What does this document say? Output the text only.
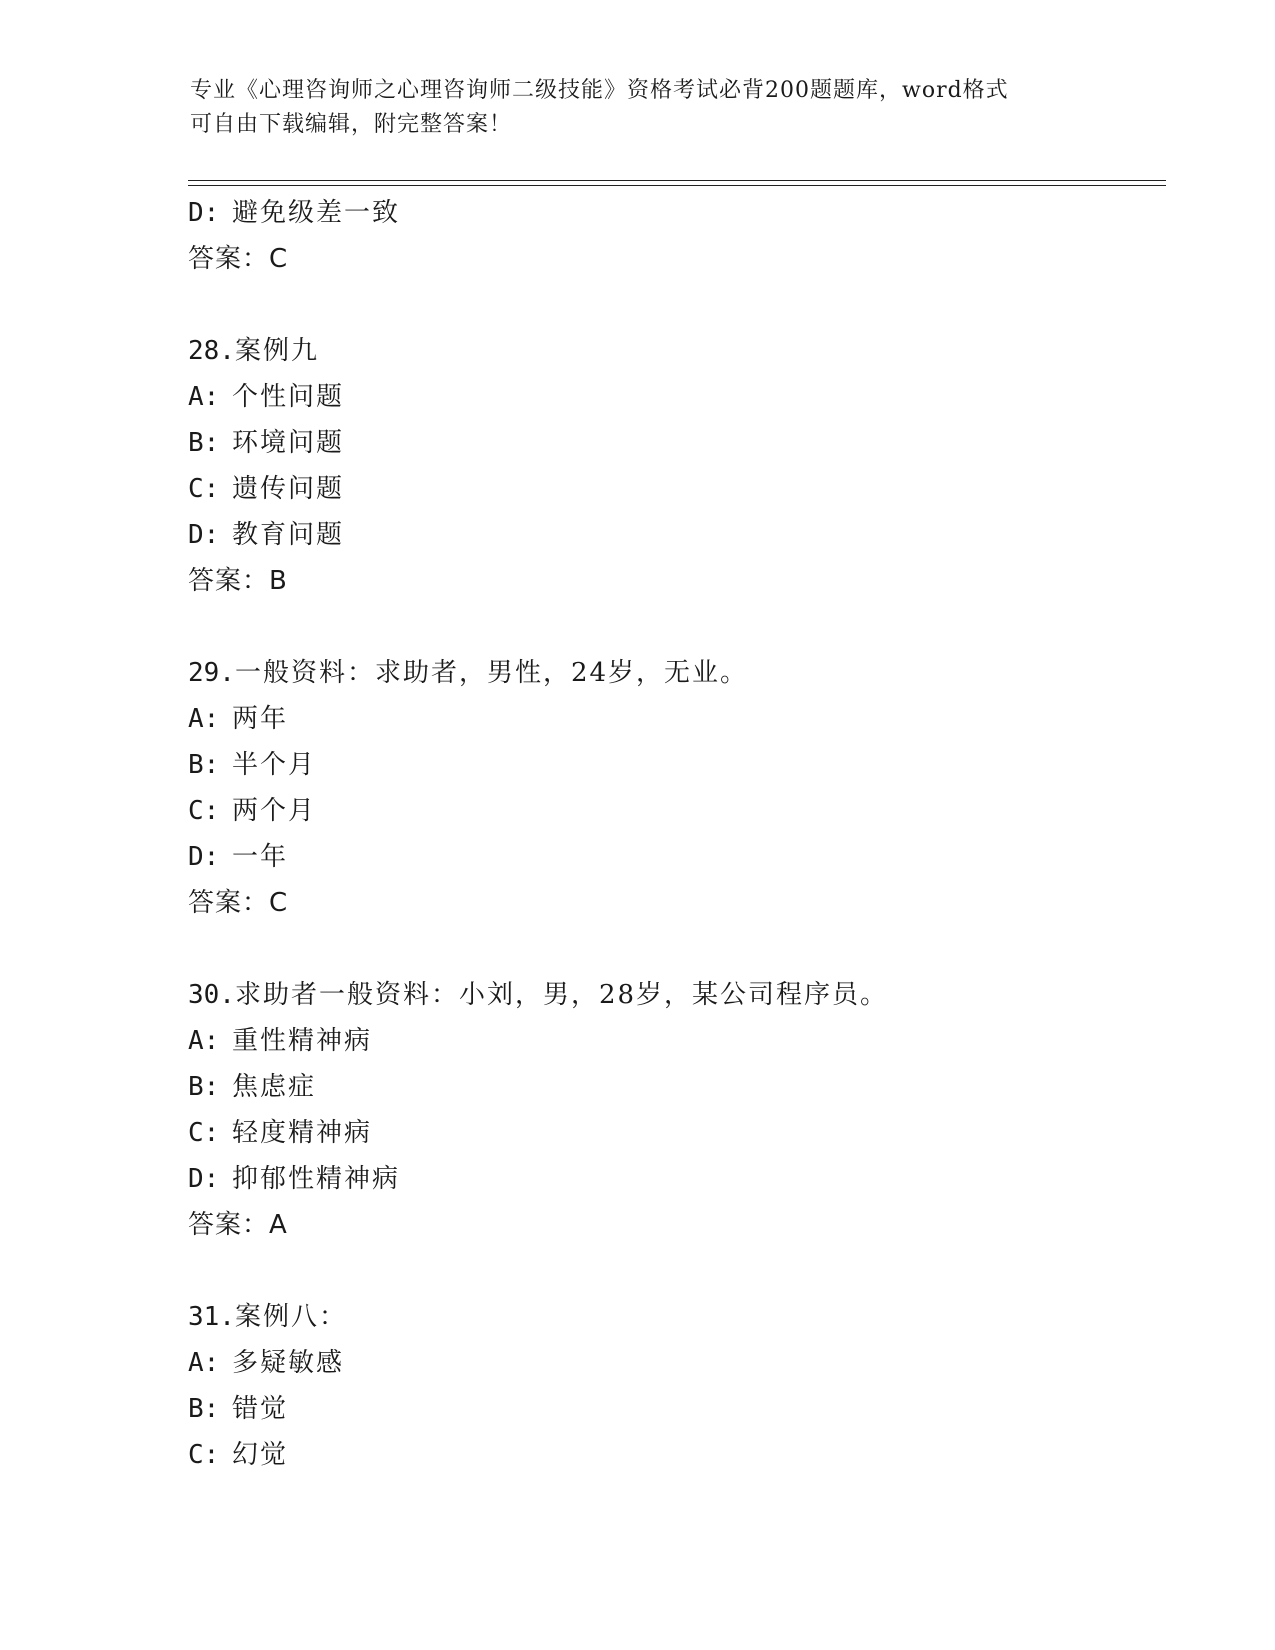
专业《心理咨询师之心理咨询师二级技能》资格考试必背200题题库，word格式
可自由下载编辑，附完整答案！
D: 避免级差一致
答案：C
28.案例九
A: 个性问题
B: 环境问题
C: 遗传问题
D: 教育问题
答案：B
29.一般资料：求助者，男性，24岁，无业。
A: 两年
B: 半个月
C: 两个月
D: 一年
答案：C
30.求助者一般资料：小刘，男，28岁，某公司程序员。
A: 重性精神病
B: 焦虑症
C: 轻度精神病
D: 抑郁性精神病
答案：A
31.案例八：
A: 多疑敏感
B: 错觉
C: 幻觉
